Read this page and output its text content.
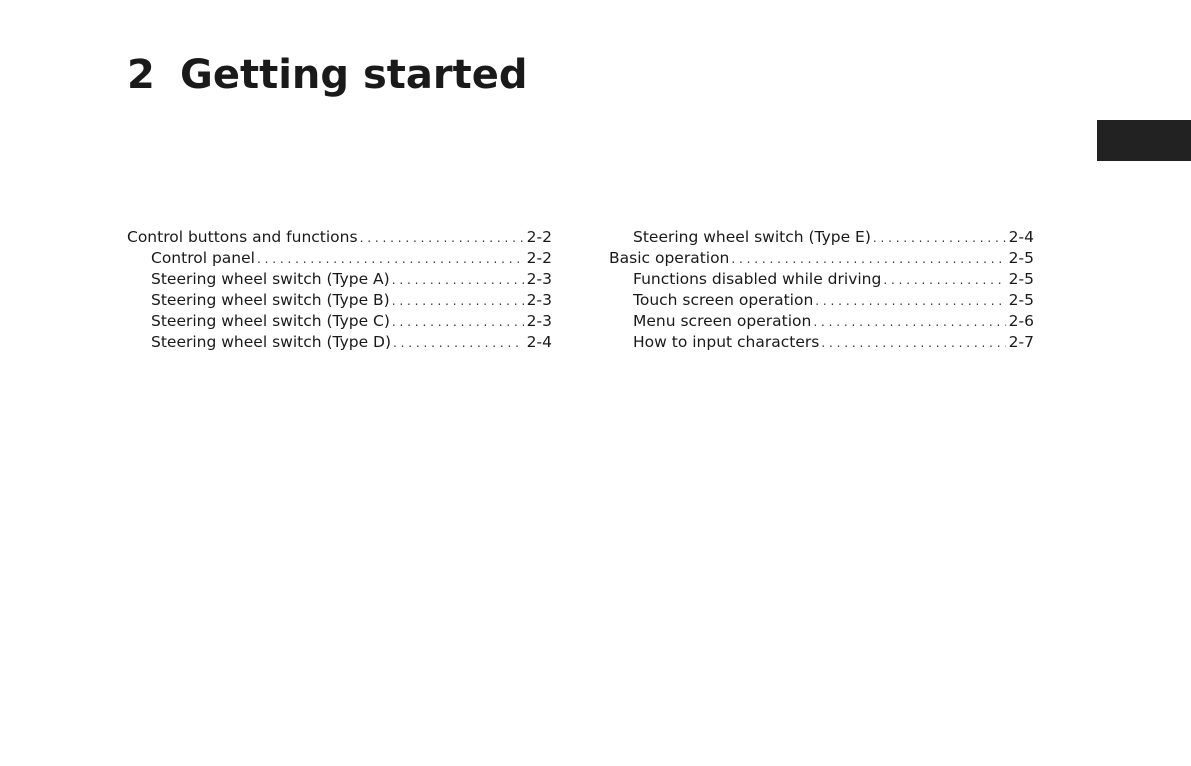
2 Getting started
Control buttons and functions . . .	2-2
Control panel . . .	2-2
Steering wheel switch (Type A) . . .	2-3
Steering wheel switch (Type B) . . .	2-3
Steering wheel switch (Type C) . . .	2-3
Steering wheel switch (Type D) . . .	2-4
Steering wheel switch (Type E) . . .	2-4
Basic operation . . .	2-5
Functions disabled while driving . . .	2-5
Touch screen operation . . .	2-5
Menu screen operation . . .	2-6
How to input characters . . .	2-7
